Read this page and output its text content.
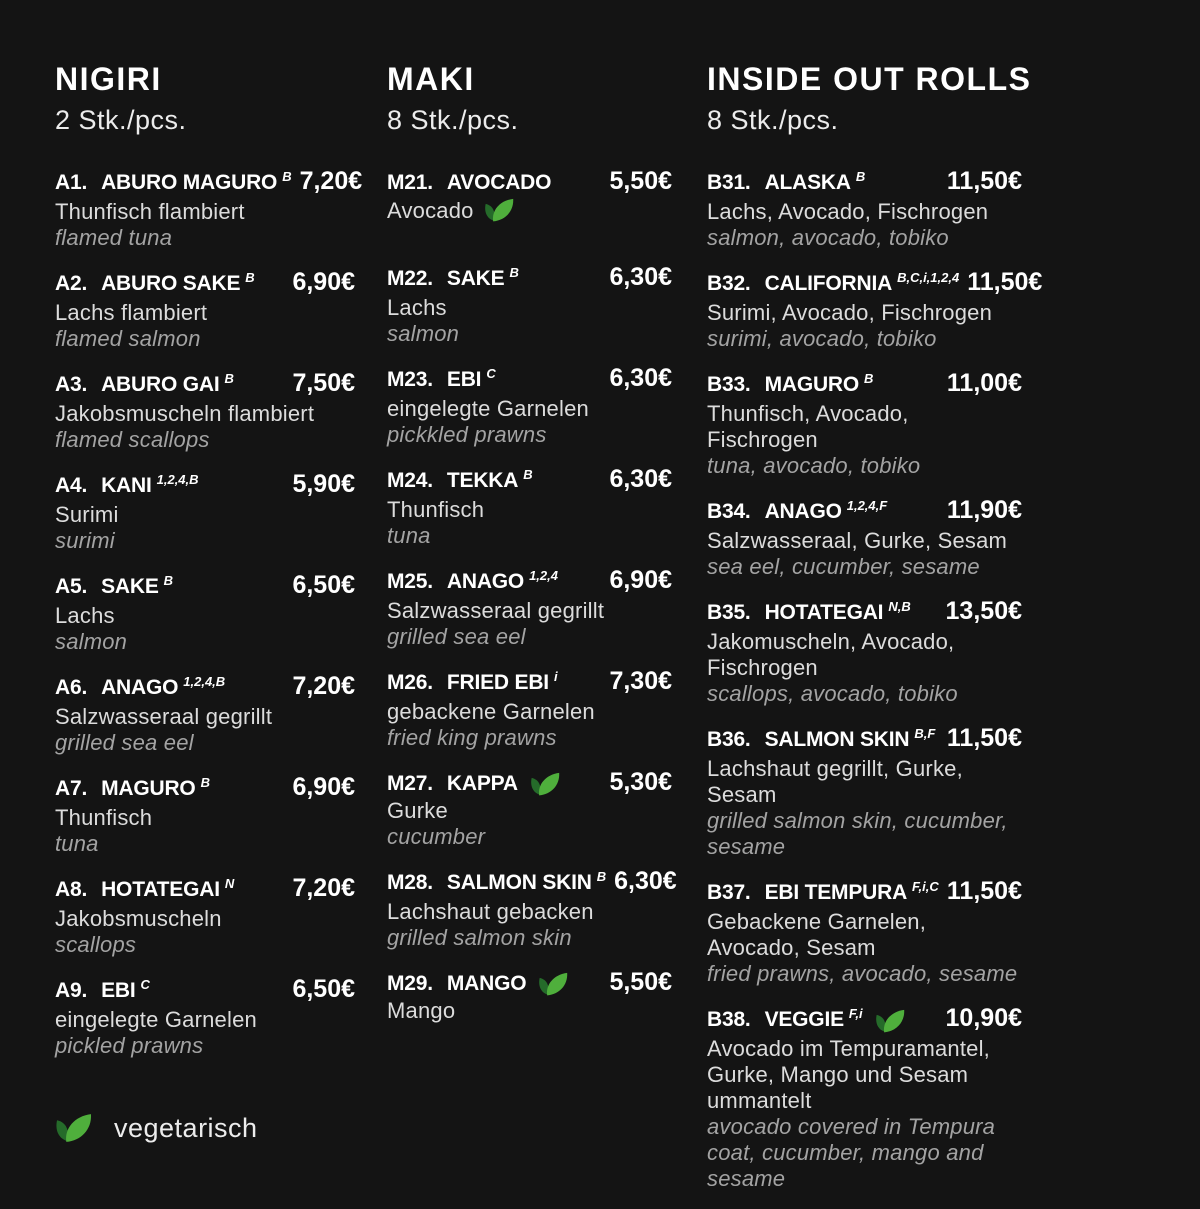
NIGIRI
2 Stk./pcs.
A1. ABURO MAGURO B 7,20€
Thunfisch flambiert
flamed tuna
A2. ABURO SAKE B	6,90€
Lachs flambiert
flamed salmon
A3. ABURO GAI B	7,50€
Jakobsmuscheln flambiert
flamed scallops
A4. KANI 1,2,4,B	5,90€
Surimi
surimi
A5. SAKE B	6,50€
Lachs
salmon
A6. ANAGO 1,2,4,B	7,20€
Salzwasseraal gegrillt
grilled sea eel
A7. MAGURO B	6,90€
Thunfisch
tuna
A8. HOTATEGAI N	7,20€
Jakobsmuscheln
scallops
A9. EBI C	6,50€
eingelegte Garnelen
pickled prawns
MAKI
8 Stk./pcs.
M21. AVOCADO	5,50€
Avocado
M22. SAKE B	6,30€
Lachs
salmon
M23. EBI C	6,30€
eingelegte Garnelen
pickkled prawns
M24. TEKKA B	6,30€
Thunfisch
tuna
M25. ANAGO 1,2,4	6,90€
Salzwasseraal gegrillt
grilled sea eel
M26. FRIED EBI i	7,30€
gebackene Garnelen
fried king prawns
M27. KAPPA	5,30€
Gurke
cucumber
M28. SALMON SKIN B 6,30€
Lachshaut gebacken
grilled salmon skin
M29. MANGO	5,50€
Mango
INSIDE OUT ROLLS
8 Stk./pcs.
B31. ALASKA B	11,50€
Lachs, Avocado, Fischrogen
salmon, avocado, tobiko
B32. CALIFORNIA B,C,i,1,2,4 11,50€
Surimi, Avocado, Fischrogen
surimi, avocado, tobiko
B33. MAGURO B	11,00€
Thunfisch, Avocado, Fischrogen
tuna, avocado, tobiko
B34. ANAGO 1,2,4,F	11,90€
Salzwasseraal, Gurke, Sesam
sea eel, cucumber, sesame
B35. HOTATEGAI N,B	13,50€
Jakomuscheln, Avocado, Fischrogen
scallops, avocado, tobiko
B36. SALMON SKIN B,F 11,50€
Lachshaut gegrillt, Gurke, Sesam
grilled salmon skin, cucumber, sesame
B37. EBI TEMPURA F,i,C 11,50€
Gebackene Garnelen, Avocado, Sesam
fried prawns, avocado, sesame
B38. VEGGIE F,i	10,90€
Avocado im Tempuramantel, Gurke, Mango und Sesam ummantelt
avocado covered in Tempura coat, cucumber, mango and sesame
vegetarisch
